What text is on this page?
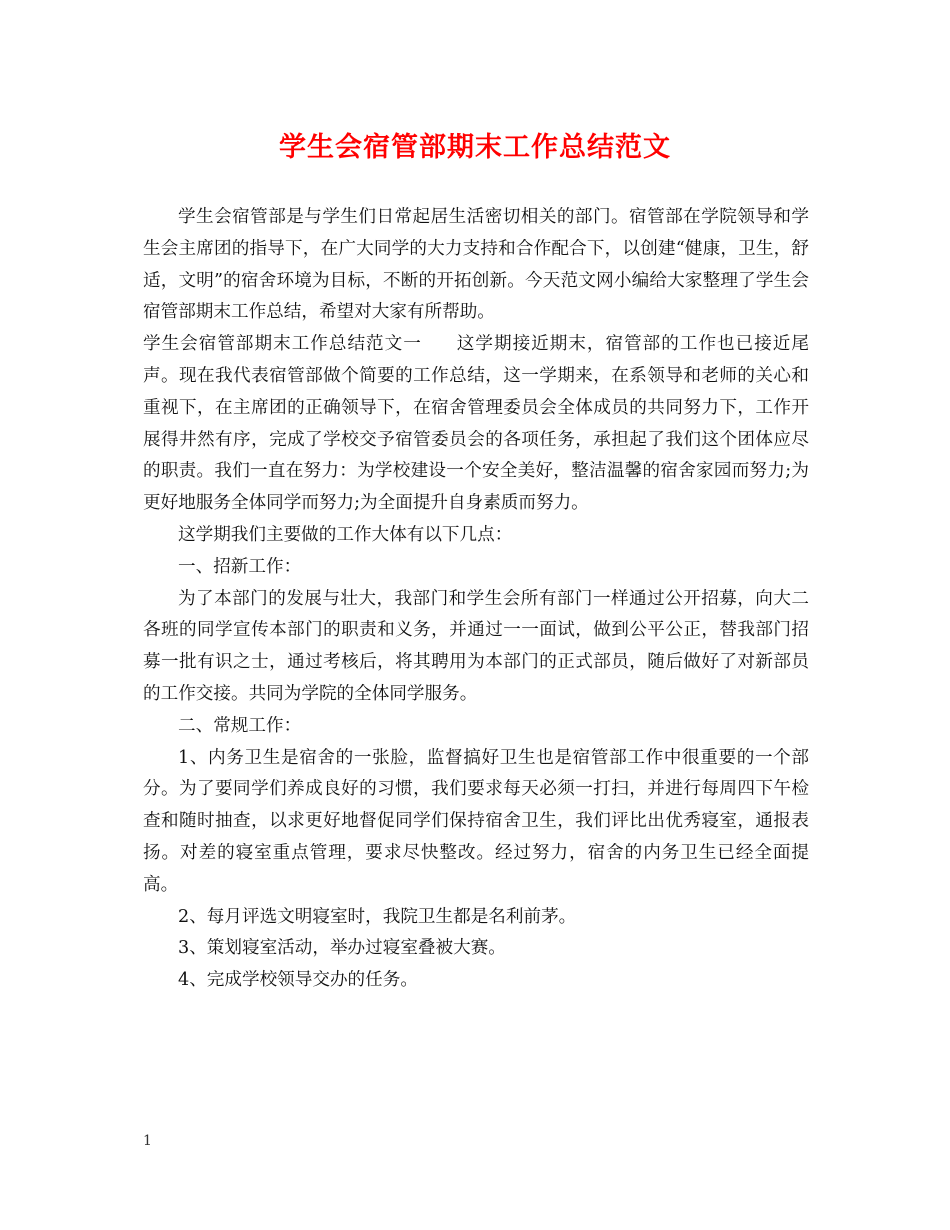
学生会宿管部期末工作总结范文

学生会宿管部是与学生们日常起居生活密切相关的部门。宿管部在学院领导和学生会主席团的指导下，在广大同学的大力支持和合作配合下，以创建“健康，卫生，舒适，文明”的宿舍环境为目标，不断的开拓创新。今天范文网小编给大家整理了学生会宿管部期末工作总结，希望对大家有所帮助。

学生会宿管部期末工作总结范文一 这学期接近期末，宿管部的工作也已接近尾声。现在我代表宿管部做个简要的工作总结，这一学期来，在系领导和老师的关心和重视下，在主席团的正确领导下，在宿舍管理委员会全体成员的共同努力下，工作开展得井然有序，完成了学校交予宿管委员会的各项任务，承担起了我们这个团体应尽的职责。我们一直在努力：为学校建设一个安全美好，整洁温馨的宿舍家园而努力;为更好地服务全体同学而努力;为全面提升自身素质而努力。

这学期我们主要做的工作大体有以下几点：

一、招新工作：

为了本部门的发展与壮大，我部门和学生会所有部门一样通过公开招募，向大二各班的同学宣传本部门的职责和义务，并通过一一面试，做到公平公正，替我部门招募一批有识之士，通过考核后，将其聘用为本部门的正式部员，随后做好了对新部员的工作交接。共同为学院的全体同学服务。

二、常规工作：

1、内务卫生是宿舍的一张脸，监督搞好卫生也是宿管部工作中很重要的一个部分。为了要同学们养成良好的习惯，我们要求每天必须一打扫，并进行每周四下午检查和随时抽查，以求更好地督促同学们保持宿舍卫生，我们评比出优秀寝室，通报表扬。对差的寝室重点管理，要求尽快整改。经过努力，宿舍的内务卫生已经全面提高。

2、每月评选文明寝室时，我院卫生都是名利前茅。

3、策划寝室活动，举办过寝室叠被大赛。

4、完成学校领导交办的任务。

1
